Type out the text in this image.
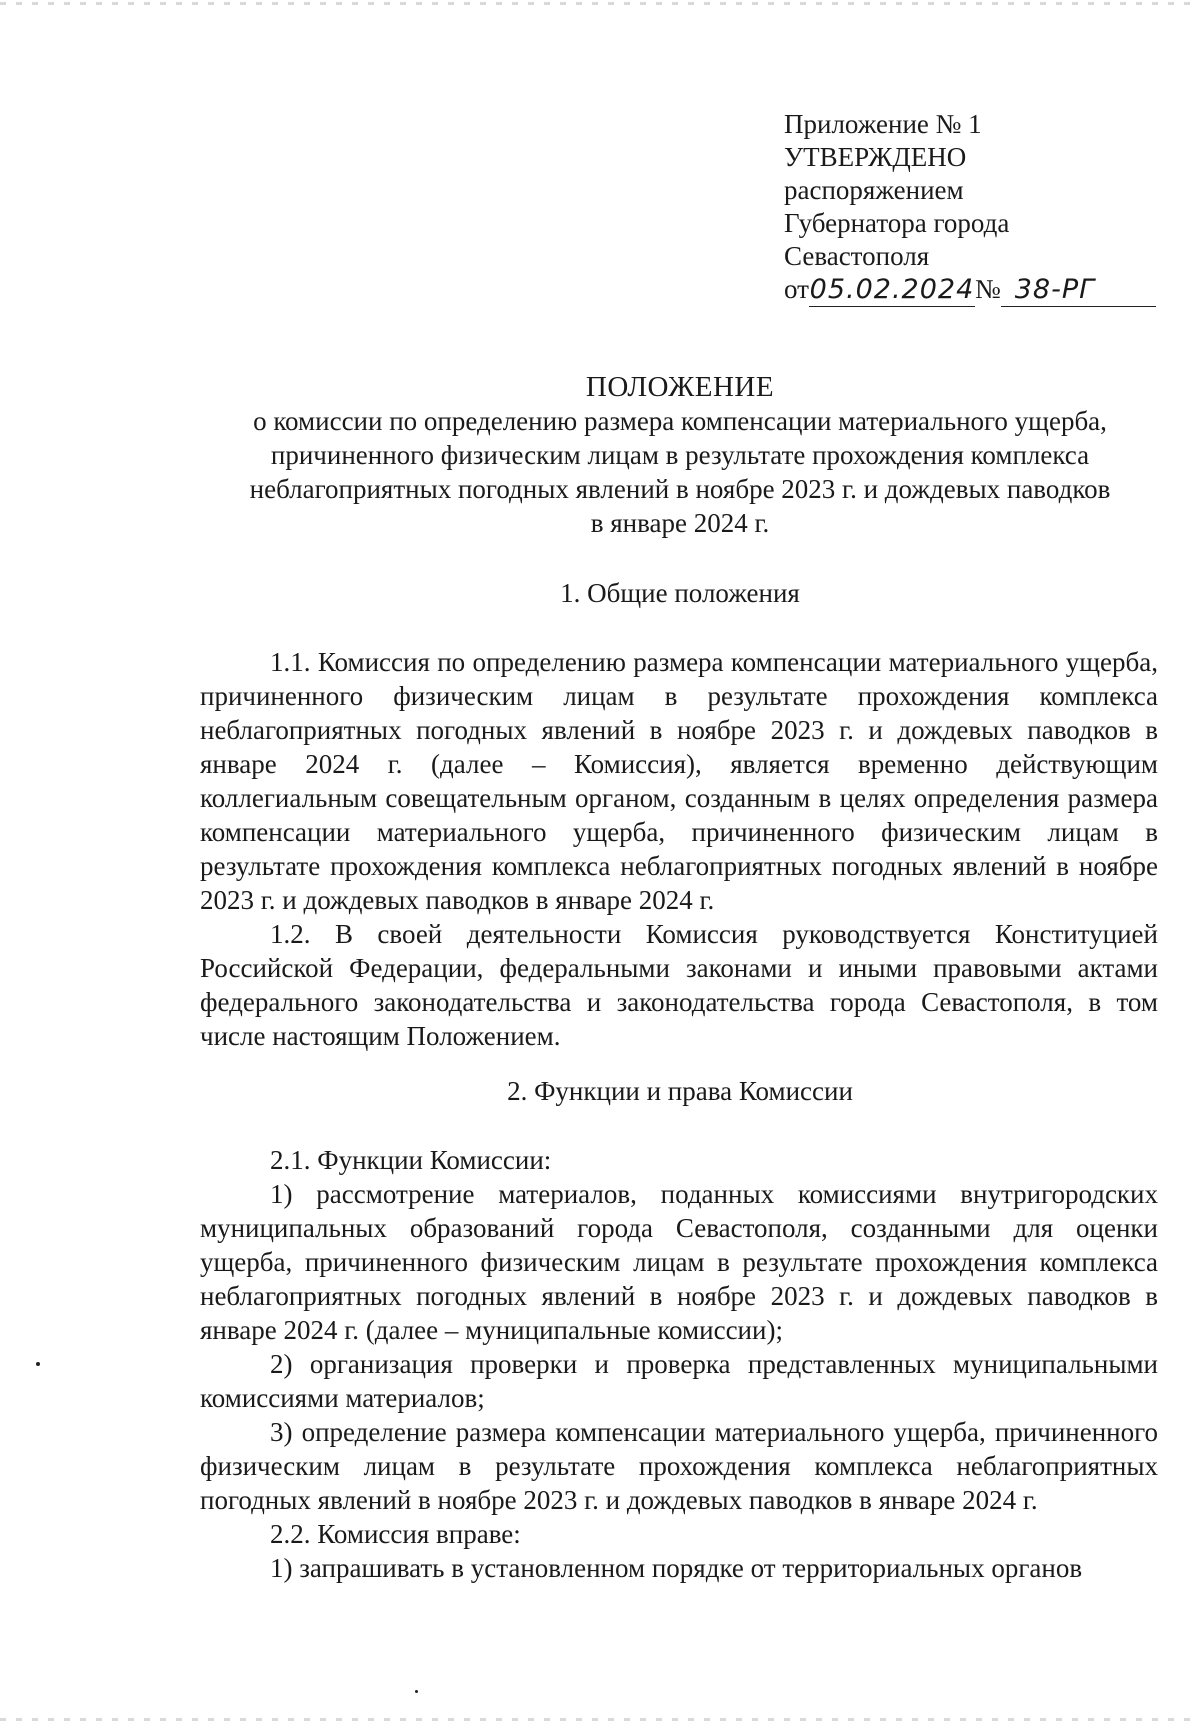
Приложение № 1
УТВЕРЖДЕНО
распоряжением
Губернатора города
Севастополя
от05.02.2024№ 38-РГ
ПОЛОЖЕНИЕ
о комиссии по определению размера компенсации материального ущерба,
причиненного физическим лицам в результате прохождения комплекса
неблагоприятных погодных явлений в ноябре 2023 г. и дождевых паводков
в январе 2024 г.
1. Общие положения

1.1. Комиссия по определению размера компенсации материального ущерба, причиненного физическим лицам в результате прохождения комплекса неблагоприятных погодных явлений в ноябре 2023 г. и дождевых паводков в январе 2024 г. (далее – Комиссия), является временно действующим коллегиальным совещательным органом, созданным в целях определения размера компенсации материального ущерба, причиненного физическим лицам в результате прохождения комплекса неблагоприятных погодных явлений в ноябре 2023 г. и дождевых паводков в январе 2024 г.

1.2. В своей деятельности Комиссия руководствуется Конституцией Российской Федерации, федеральными законами и иными правовыми актами федерального законодательства и законодательства города Севастополя, в том числе настоящим Положением.

2. Функции и права Комиссии

2.1. Функции Комиссии:

1) рассмотрение материалов, поданных комиссиями внутригородских муниципальных образований города Севастополя, созданными для оценки ущерба, причиненного физическим лицам в результате прохождения комплекса неблагоприятных погодных явлений в ноябре 2023 г. и дождевых паводков в январе 2024 г. (далее – муниципальные комиссии);

2) организация проверки и проверка представленных муниципальными комиссиями материалов;

3) определение размера компенсации материального ущерба, причиненного физическим лицам в результате прохождения комплекса неблагоприятных погодных явлений в ноябре 2023 г. и дождевых паводков в январе 2024 г.

2.2. Комиссия вправе:

1) запрашивать в установленном порядке от территориальных органов
